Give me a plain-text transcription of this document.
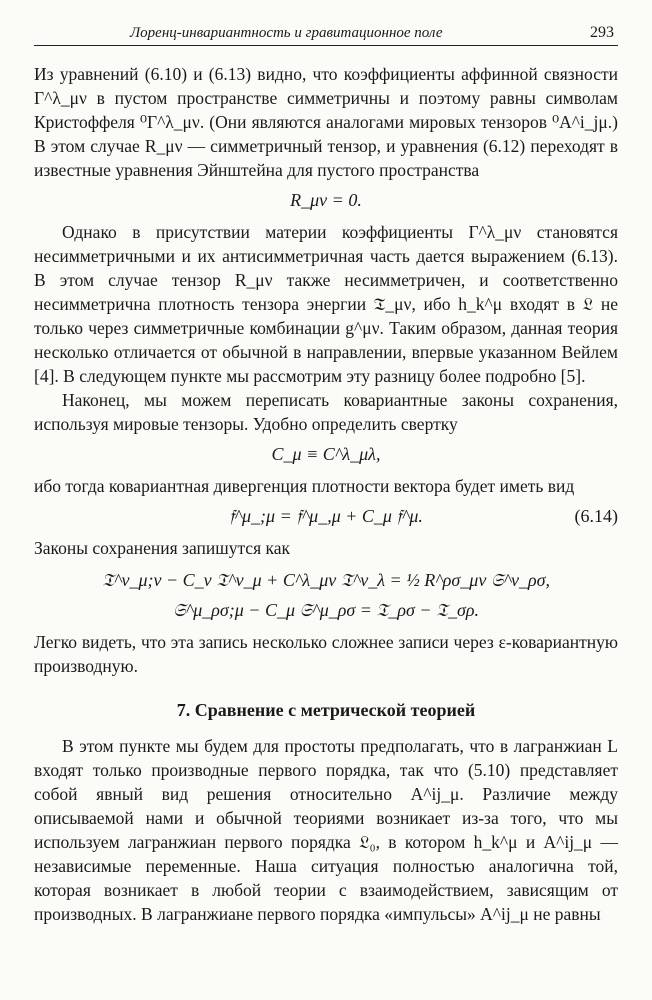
Лоренц-инвариантность и гравитационное поле	293

Из уравнений (6.10) и (6.13) видно, что коэффициенты аффинной связности Γ^λ_μν в пустом пространстве симметричны и поэтому равны символам Кристоффеля ⁰Γ^λ_μν. (Они являются аналогами мировых тензоров ⁰A^i_jμ.) В этом случае R_μν — симметричный тензор, и уравнения (6.12) переходят в известные уравнения Эйнштейна для пустого пространства

R_μν = 0.

Однако в присутствии материи коэффициенты Γ^λ_μν становятся несимметричными и их антисимметричная часть дается выражением (6.13). В этом случае тензор R_μν также несимметричен, и соответственно несимметрична плотность тензора энергии 𝔗_μν, ибо h_k^μ входят в 𝔏 не только через симметричные комбинации g^μν. Таким образом, данная теория несколько отличается от обычной в направлении, впервые указанном Вейлем [4]. В следующем пункте мы рассмотрим эту разницу более подробно [5].

Наконец, мы можем переписать ковариантные законы сохранения, используя мировые тензоры. Удобно определить свертку

C_μ ≡ C^λ_μλ,

ибо тогда ковариантная дивергенция плотности вектора будет иметь вид

𝔣^μ_;μ = 𝔣^μ_,μ + C_μ 𝔣^μ.	(6.14)

Законы сохранения запишутся как

𝔗^ν_μ;ν − C_ν 𝔗^ν_μ + C^λ_μν 𝔗^ν_λ = ½ R^ρσ_μν 𝔖^ν_ρσ,
𝔖^μ_ρσ;μ − C_μ 𝔖^μ_ρσ = 𝔗_ρσ − 𝔗_σρ.

Легко видеть, что эта запись несколько сложнее записи через ε-ковариантную производную.

7. Сравнение с метрической теорией

В этом пункте мы будем для простоты предполагать, что в лагранжиан L входят только производные первого порядка, так что (5.10) представляет собой явный вид решения относительно A^ij_μ. Различие между описываемой нами и обычной теориями возникает из-за того, что мы используем лагранжиан первого порядка 𝔏₀, в котором h_k^μ и A^ij_μ — независимые переменные. Наша ситуация полностью аналогична той, которая возникает в любой теории с взаимодействием, зависящим от производных. В лагранжиане первого порядка «импульсы» A^ij_μ не равны
